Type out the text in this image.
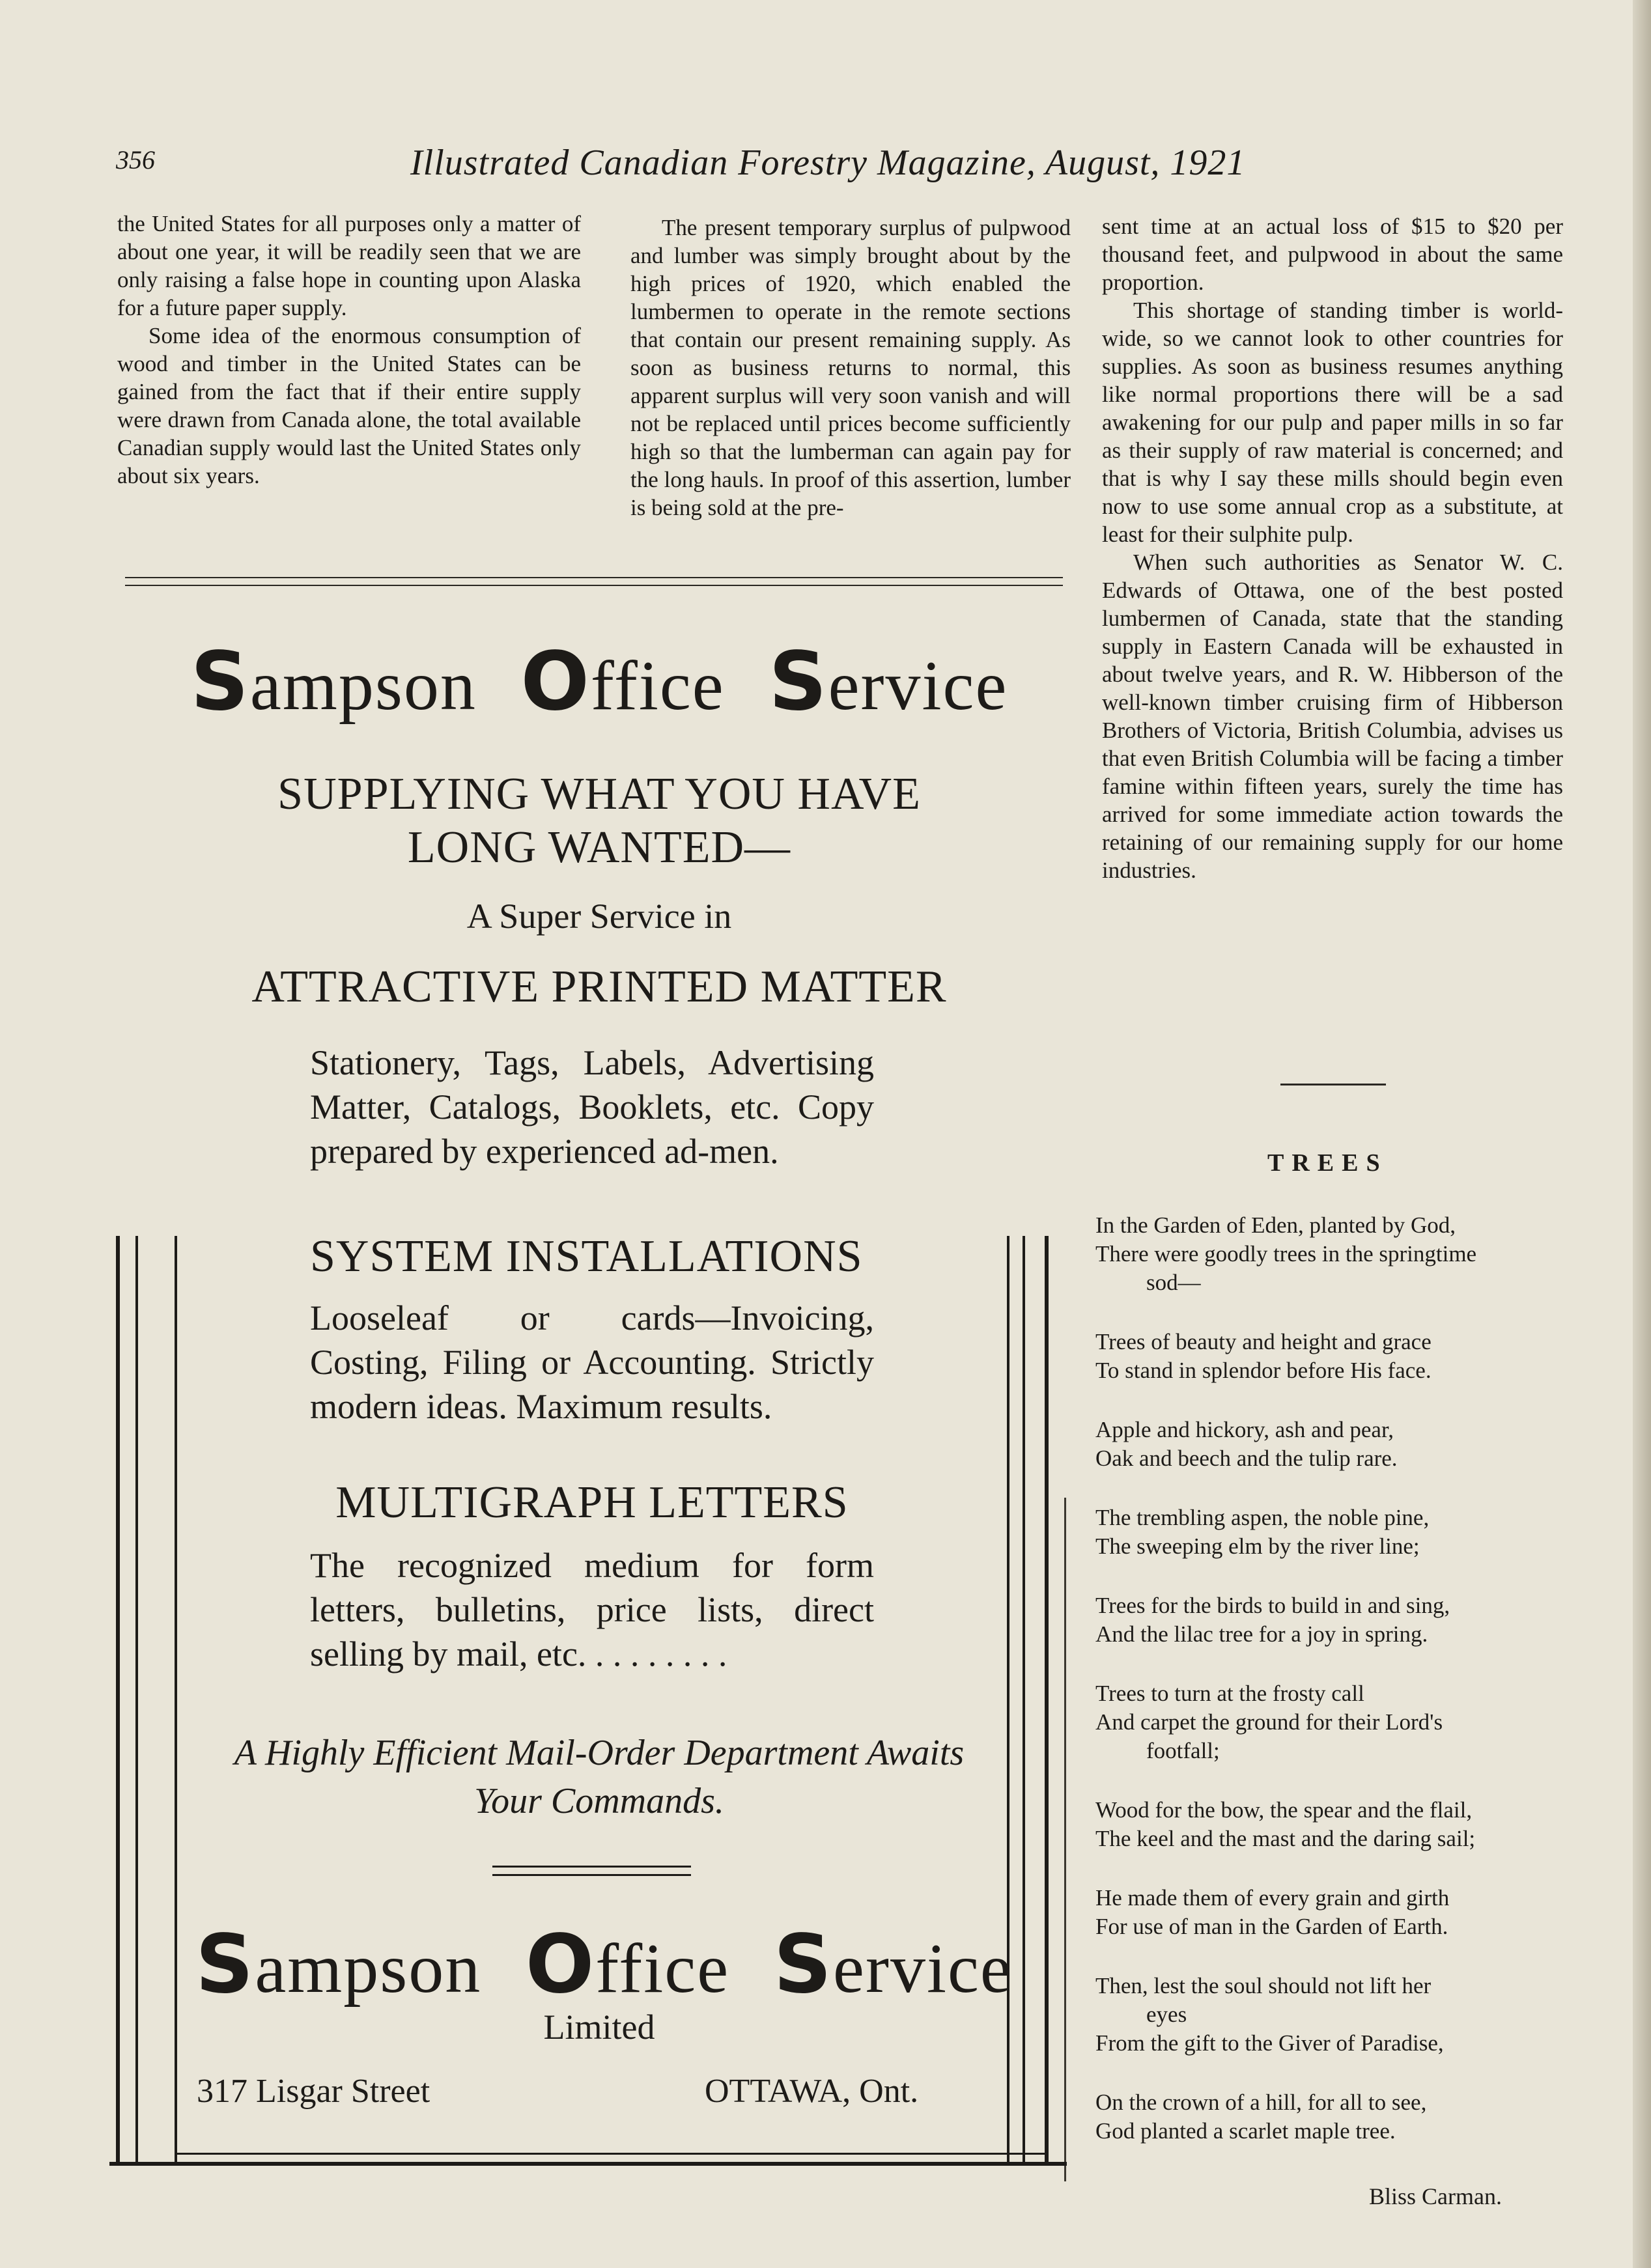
356	Illustrated Canadian Forestry Magazine, August, 1921

the United States for all purposes only a matter of about one year, it will be readily seen that we are only raising a false hope in counting upon Alaska for a future paper supply.

Some idea of the enormous consumption of wood and timber in the United States can be gained from the fact that if their entire supply were drawn from Canada alone, the total available Canadian supply would last the United States only about six years.

The present temporary surplus of pulpwood and lumber was simply brought about by the high prices of 1920, which enabled the lumbermen to operate in the remote sections that contain our present remaining supply. As soon as business returns to normal, this apparent surplus will very soon vanish and will not be replaced until prices become sufficiently high so that the lumberman can again pay for the long hauls. In proof of this assertion, lumber is being sold at the pre-

sent time at an actual loss of $15 to $20 per thousand feet, and pulpwood in about the same proportion.

This shortage of standing timber is world-wide, so we cannot look to other countries for supplies. As soon as business resumes anything like normal proportions there will be a sad awakening for our pulp and paper mills in so far as their supply of raw material is concerned; and that is why I say these mills should begin even now to use some annual crop as a substitute, at least for their sulphite pulp.

When such authorities as Senator W. C. Edwards of Ottawa, one of the best posted lumbermen of Canada, state that the standing supply in Eastern Canada will be exhausted in about twelve years, and R. W. Hibberson of the well-known timber cruising firm of Hibberson Brothers of Victoria, British Columbia, advises us that even British Columbia will be facing a timber famine within fifteen years, surely the time has arrived for some immediate action towards the retaining of our remaining supply for our home industries.

Sampson Office Service
SUPPLYING WHAT YOU HAVE
LONG WANTED—
A Super Service in
ATTRACTIVE PRINTED MATTER
Stationery, Tags, Labels, Advertising Matter, Catalogs, Booklets, etc. Copy prepared by experienced ad-men.
SYSTEM INSTALLATIONS
Looseleaf or cards—Invoicing, Costing, Filing or Accounting. Strictly modern ideas. Maximum results.
MULTIGRAPH LETTERS
The recognized medium for form letters, bulletins, price lists, direct selling by mail, etc. . . . . . . . .
A Highly Efficient Mail-Order Department Awaits
Your Commands.
Sampson Office Service
Limited
317 Lisgar Street	OTTAWA, Ont.
TREES
In the Garden of Eden, planted by God,
There were goodly trees in the springtime
sod—
Trees of beauty and height and grace
To stand in splendor before His face.
Apple and hickory, ash and pear,
Oak and beech and the tulip rare.
The trembling aspen, the noble pine,
The sweeping elm by the river line;
Trees for the birds to build in and sing,
And the lilac tree for a joy in spring.
Trees to turn at the frosty call
And carpet the ground for their Lord's
footfall;
Wood for the bow, the spear and the flail,
The keel and the mast and the daring sail;
He made them of every grain and girth
For use of man in the Garden of Earth.
Then, lest the soul should not lift her
eyes
From the gift to the Giver of Paradise,
On the crown of a hill, for all to see,
God planted a scarlet maple tree.
Bliss Carman.
